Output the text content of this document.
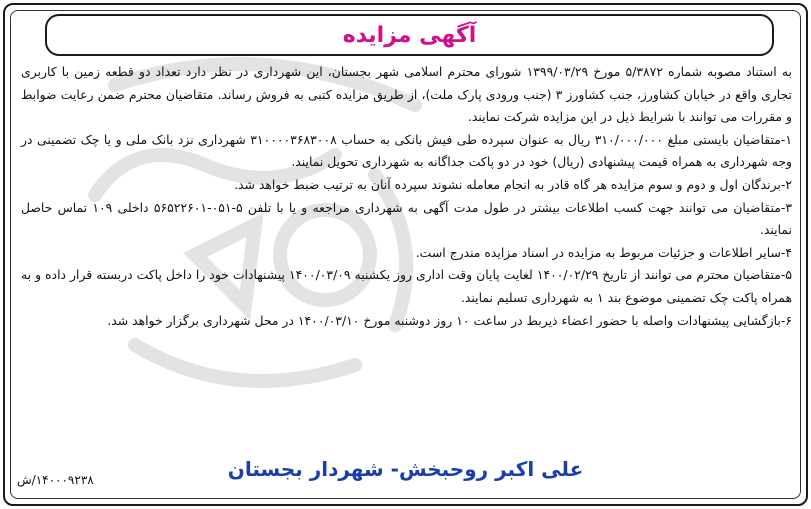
آگهی مزایده

به استناد مصوبه شماره ۵/۳۸۷۲ مورخ ۱۳۹۹/۰۳/۲۹ شورای محترم اسلامی شهر بجستان، این شهرداری در نظر دارد تعداد دو قطعه زمین با کاربری تجاری واقع در خیابان کشاورز، جنب کشاورز ۳ (جنب ورودی پارک ملت)، از طریق مزایده کتبی به فروش رساند. متقاضیان محترم ضمن رعایت ضوابط و مقررات می توانند با شرایط ذیل در این مزایده شرکت نمایند.

۱-متقاضیان بایستی مبلغ ۳۱۰/۰۰۰/۰۰۰ ریال به عنوان سپرده طی فیش بانکی به حساب ۳۱۰۰۰۰۳۶۸۳۰۰۸ شهرداری نزد بانک ملی و یا چک تضمینی در وجه شهرداری به همراه قیمت پیشنهادی (ریال) خود در دو پاکت جداگانه به شهرداری تحویل نمایند.

۲-برندگان اول و دوم و سوم مزایده هر گاه قادر به انجام معامله نشوند سپرده آنان به ترتیب ضبط خواهد شد.

۳-متقاضیان می توانند جهت کسب اطلاعات بیشتر در طول مدت آگهی به شهرداری مراجعه و یا با تلفن ۵-۰۵۱-۵۶۵۲۲۶۰۱ داخلی ۱۰۹ تماس حاصل نمایند.

۴-سایر اطلاعات و جزئیات مربوط به مزایده در اسناد مزایده مندرج است.

۵-متقاضیان محترم می توانند از تاریخ ۱۴۰۰/۰۲/۲۹ لغایت پایان وقت اداری روز یکشنبه ۱۴۰۰/۰۳/۰۹ پیشنهادات خود را داخل پاکت دربسته قرار داده و به همراه پاکت چک تضمینی موضوع بند ۱ به شهرداری تسلیم نمایند.

۶-بازگشایی پیشنهادات واصله با حضور اعضاء ذیربط در ساعت ۱۰ روز دوشنبه مورخ ۱۴۰۰/۰۳/۱۰ در محل شهرداری برگزار خواهد شد.

علی اکبر روحبخش- شهردار بجستان
۱۴۰۰۰۹۲۳۸/ش
